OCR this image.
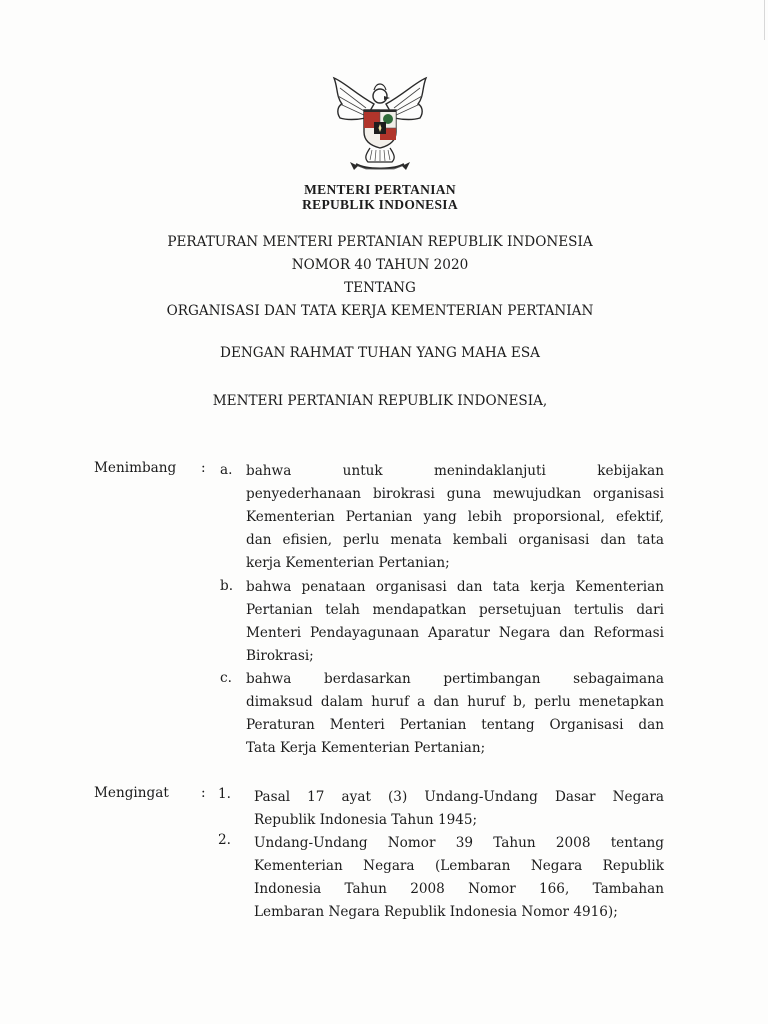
MENTERI PERTANIAN
REPUBLIK INDONESIA
PERATURAN MENTERI PERTANIAN REPUBLIK INDONESIA
NOMOR 40 TAHUN 2020
TENTANG
ORGANISASI DAN TATA KERJA KEMENTERIAN PERTANIAN
DENGAN RAHMAT TUHAN YANG MAHA ESA
MENTERI PERTANIAN REPUBLIK INDONESIA,
Menimbang : a. bahwa untuk menindaklanjuti kebijakan
penyederhanaan birokrasi guna mewujudkan organisasi
Kementerian Pertanian yang lebih proporsional, efektif,
dan efisien, perlu menata kembali organisasi dan tata
kerja Kementerian Pertanian;
b. bahwa penataan organisasi dan tata kerja Kementerian
Pertanian telah mendapatkan persetujuan tertulis dari
Menteri Pendayagunaan Aparatur Negara dan Reformasi
Birokrasi;
c. bahwa berdasarkan pertimbangan sebagaimana
dimaksud dalam huruf a dan huruf b, perlu menetapkan
Peraturan Menteri Pertanian tentang Organisasi dan
Tata Kerja Kementerian Pertanian;
Mengingat : 1. Pasal 17 ayat (3) Undang-Undang Dasar Negara
Republik Indonesia Tahun 1945;
2. Undang-Undang Nomor 39 Tahun 2008 tentang
Kementerian Negara (Lembaran Negara Republik
Indonesia Tahun 2008 Nomor 166, Tambahan
Lembaran Negara Republik Indonesia Nomor 4916);
